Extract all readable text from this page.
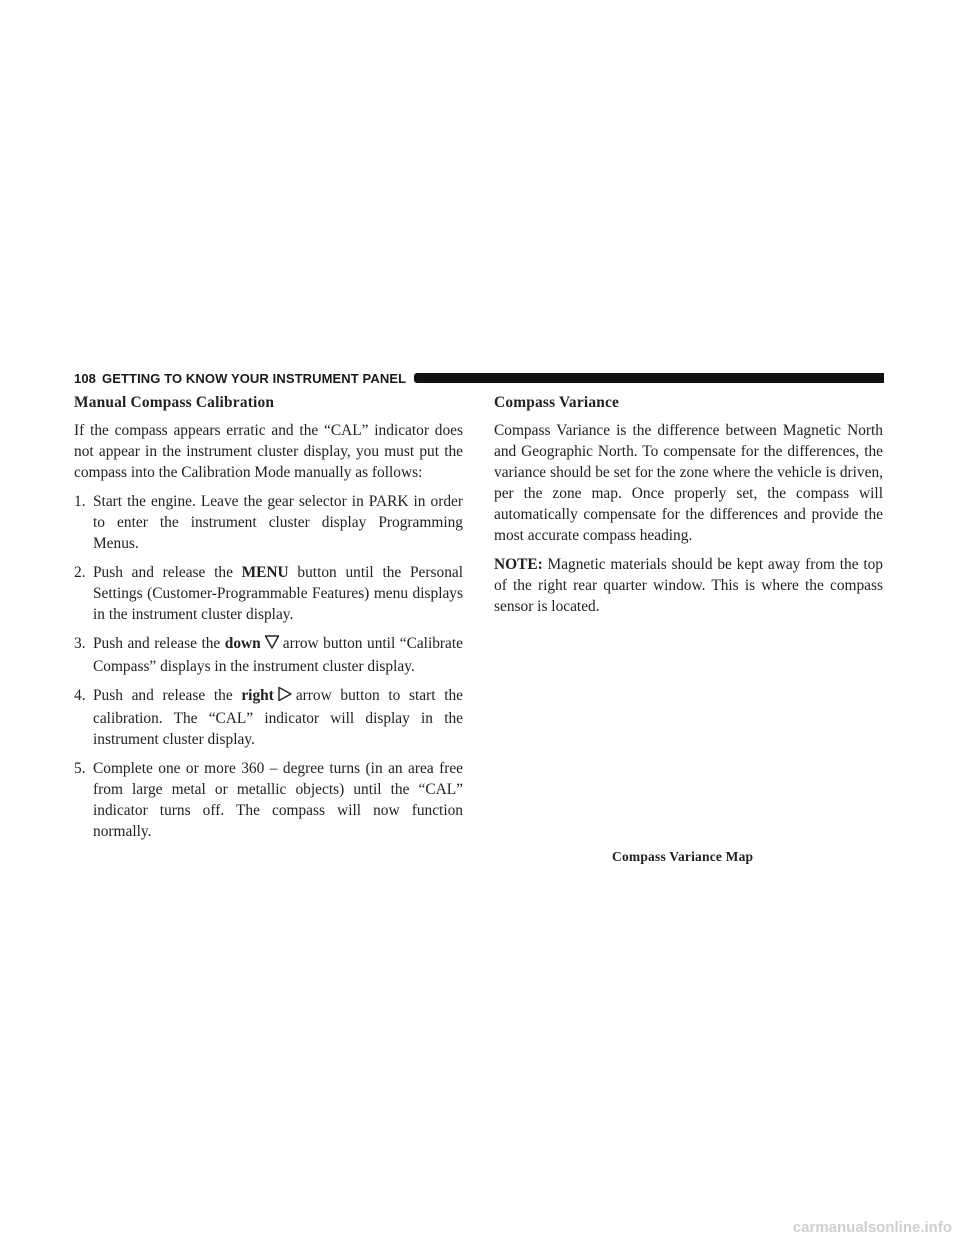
108 GETTING TO KNOW YOUR INSTRUMENT PANEL
Manual Compass Calibration

If the compass appears erratic and the “CAL” indicator does not appear in the instrument cluster display, you must put the compass into the Calibration Mode manually as follows:

1. Start the engine. Leave the gear selector in PARK in order to enter the instrument cluster display Programming Menus.
2. Push and release the MENU button until the Personal Settings (Customer-Programmable Features) menu displays in the instrument cluster display.
3. Push and release the down arrow button until “Calibrate Compass” displays in the instrument cluster display.
4. Push and release the right arrow button to start the calibration. The “CAL” indicator will display in the instrument cluster display.
5. Complete one or more 360 – degree turns (in an area free from large metal or metallic objects) until the “CAL” indicator turns off. The compass will now function normally.
Compass Variance

Compass Variance is the difference between Magnetic North and Geographic North. To compensate for the differences, the variance should be set for the zone where the vehicle is driven, per the zone map. Once properly set, the compass will automatically compensate for the differences and provide the most accurate compass heading.

NOTE: Magnetic materials should be kept away from the top of the right rear quarter window. This is where the compass sensor is located.

Compass Variance Map
carmanualsonline.info
